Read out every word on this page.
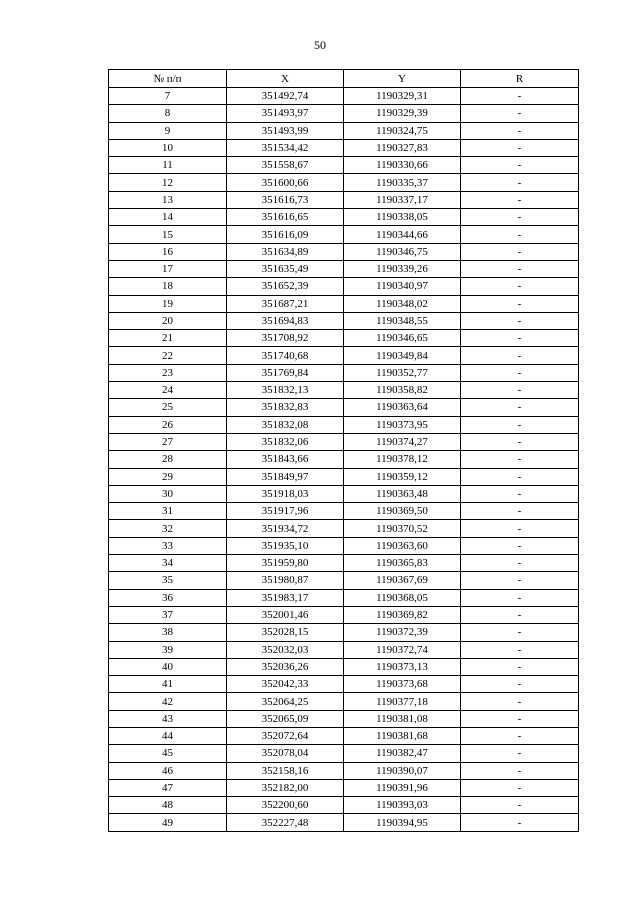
50
№ п/п	X	Y	R
7	351492,74	1190329,31	-
8	351493,97	1190329,39	-
9	351493,99	1190324,75	-
10	351534,42	1190327,83	-
11	351558,67	1190330,66	-
12	351600,66	1190335,37	-
13	351616,73	1190337,17	-
14	351616,65	1190338,05	-
15	351616,09	1190344,66	-
16	351634,89	1190346,75	-
17	351635,49	1190339,26	-
18	351652,39	1190340,97	-
19	351687,21	1190348,02	-
20	351694,83	1190348,55	-
21	351708,92	1190346,65	-
22	351740,68	1190349,84	-
23	351769,84	1190352,77	-
24	351832,13	1190358,82	-
25	351832,83	1190363,64	-
26	351832,08	1190373,95	-
27	351832,06	1190374,27	-
28	351843,66	1190378,12	-
29	351849,97	1190359,12	-
30	351918,03	1190363,48	-
31	351917,96	1190369,50	-
32	351934,72	1190370,52	-
33	351935,10	1190363,60	-
34	351959,80	1190365,83	-
35	351980,87	1190367,69	-
36	351983,17	1190368,05	-
37	352001,46	1190369,82	-
38	352028,15	1190372,39	-
39	352032,03	1190372,74	-
40	352036,26	1190373,13	-
41	352042,33	1190373,68	-
42	352064,25	1190377,18	-
43	352065,09	1190381,08	-
44	352072,64	1190381,68	-
45	352078,04	1190382,47	-
46	352158,16	1190390,07	-
47	352182,00	1190391,96	-
48	352200,60	1190393,03	-
49	352227,48	1190394,95	-
